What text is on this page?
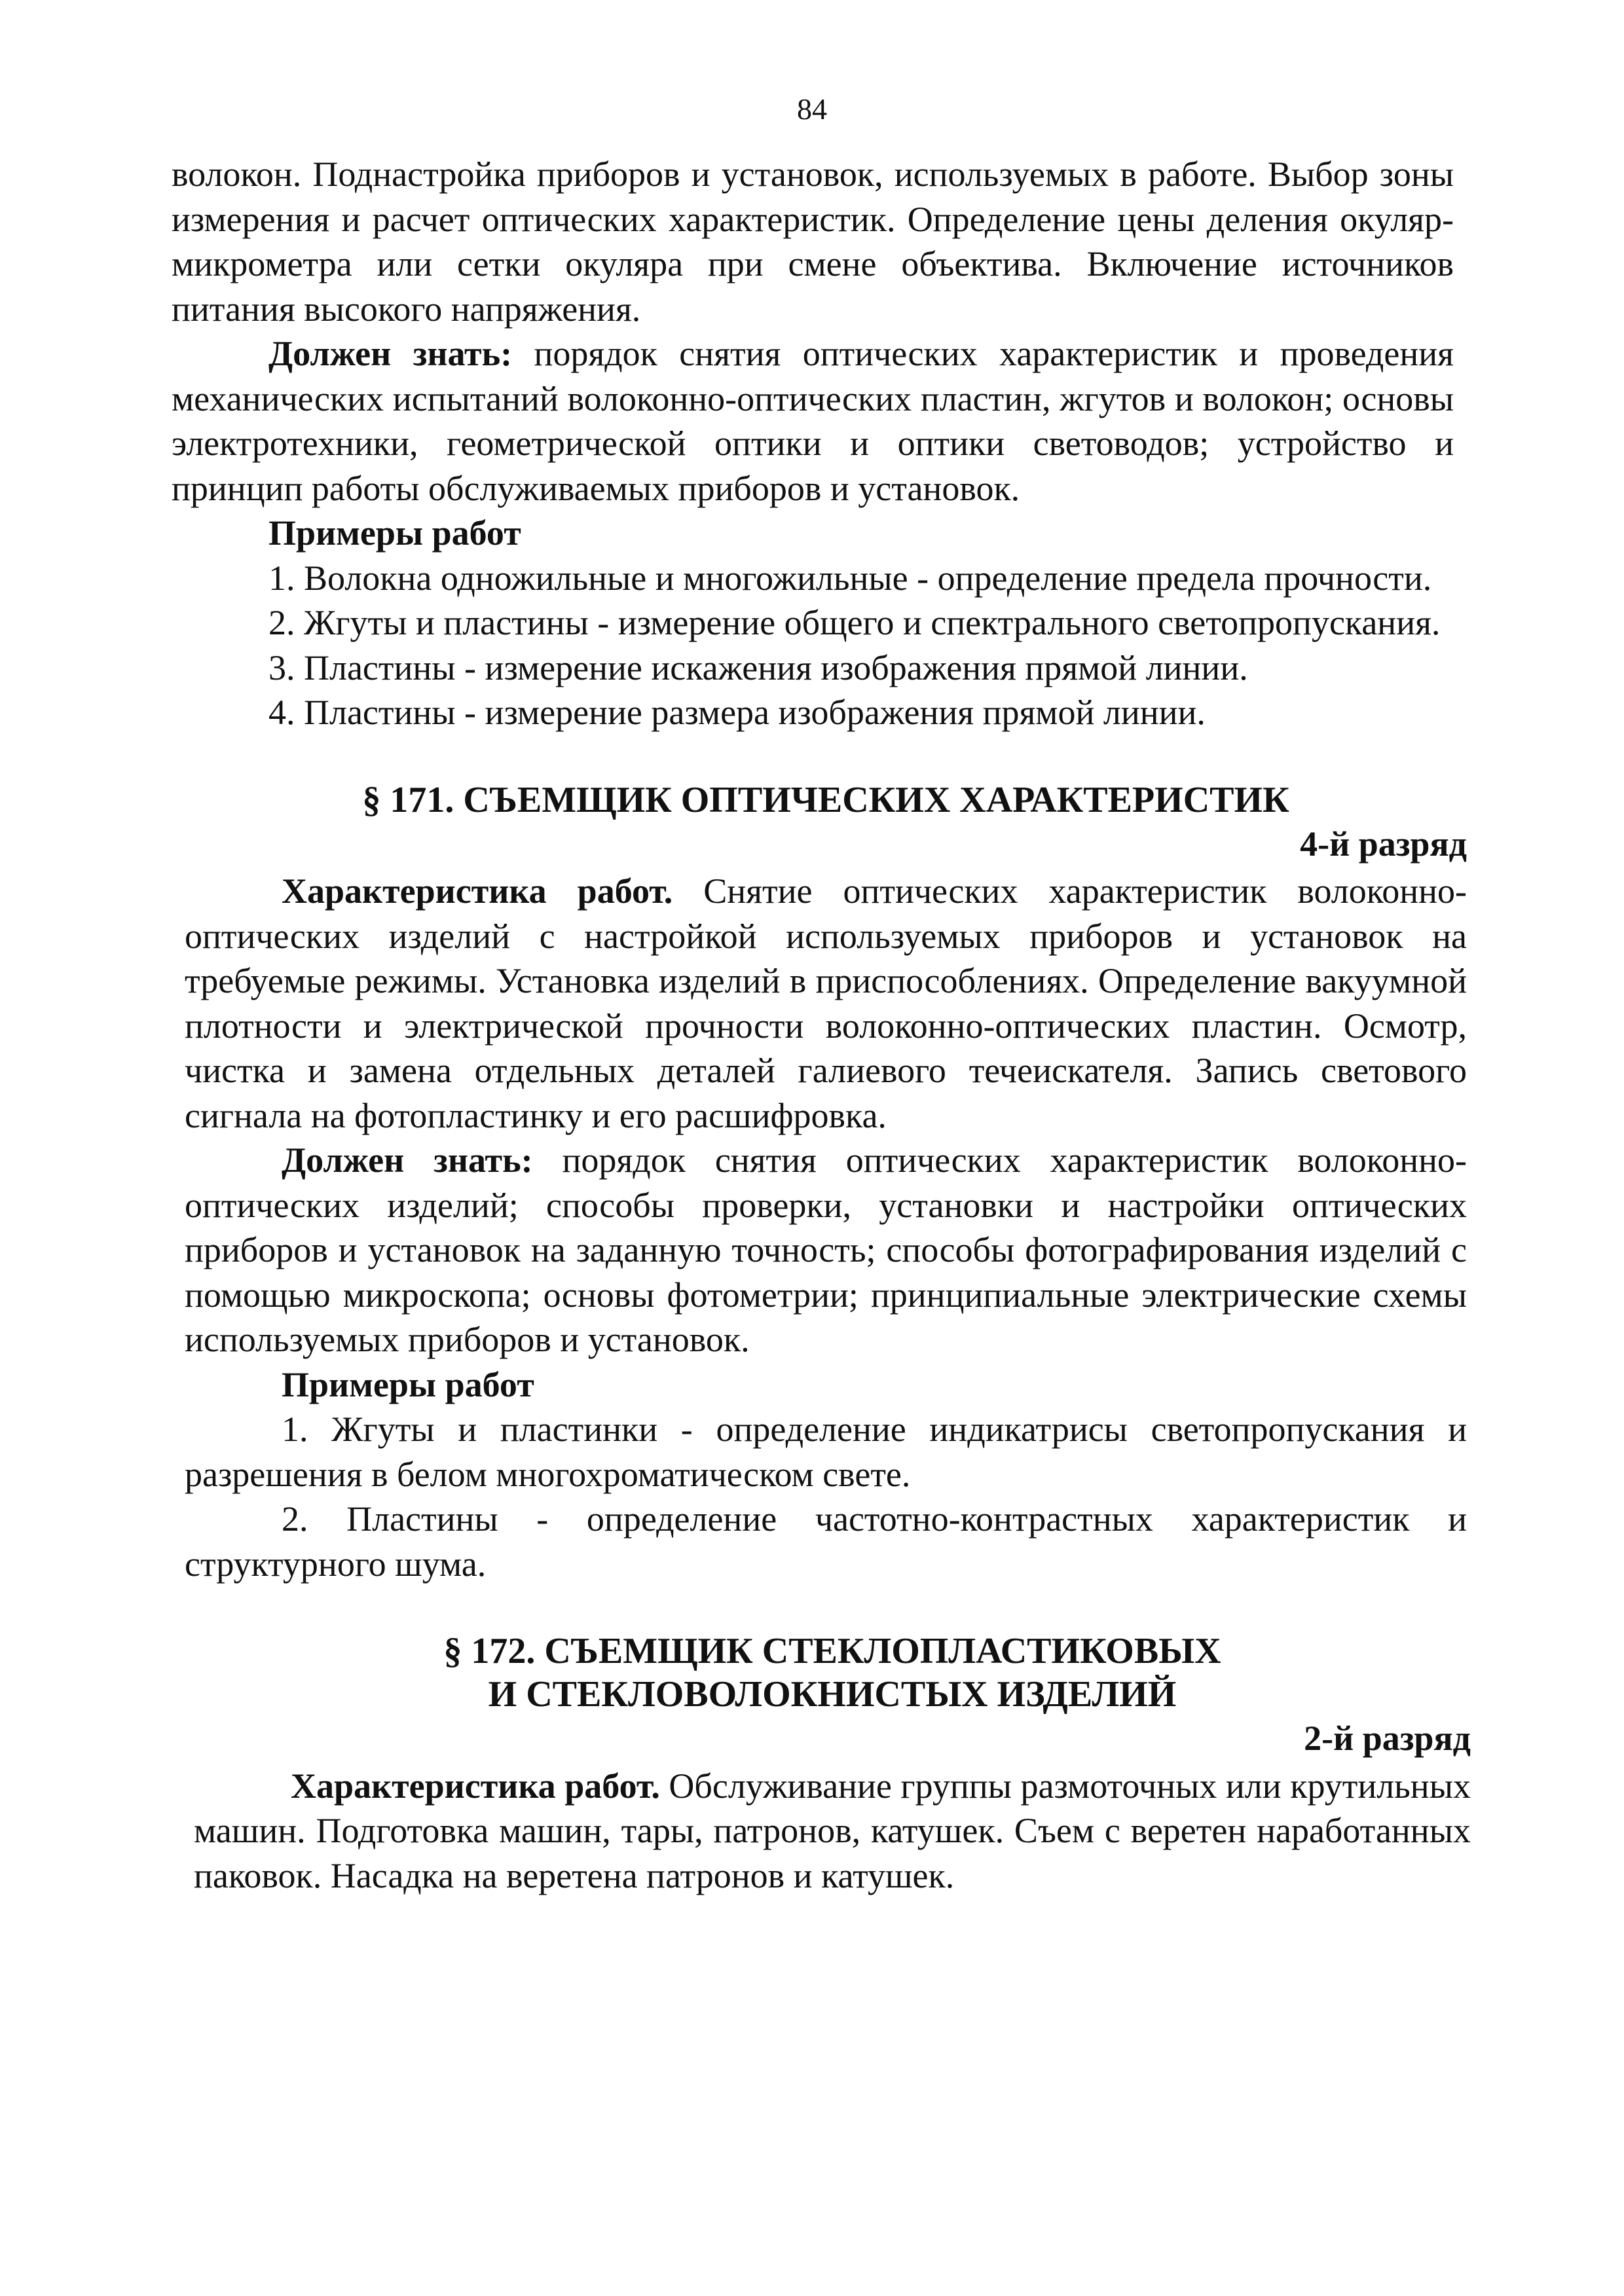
84

волокон. Поднастройка приборов и установок, используемых в работе. Выбор зоны измерения и расчет оптических характеристик. Определение цены деления окуляр-микрометра или сетки окуляра при смене объектива. Включение источников питания высокого напряжения.

Должен знать: порядок снятия оптических характеристик и проведения механических испытаний волоконно-оптических пластин, жгутов и волокон; основы электротехники, геометрической оптики и оптики световодов; устройство и принцип работы обслуживаемых приборов и установок.

Примеры работ

1. Волокна одножильные и многожильные - определение предела прочности.

2. Жгуты и пластины - измерение общего и спектрального светопропускания.

3. Пластины - измерение искажения изображения прямой линии.

4. Пластины - измерение размера изображения прямой линии.

§ 171. СЪЕМЩИК ОПТИЧЕСКИХ ХАРАКТЕРИСТИК

4-й разряд

Характеристика работ. Снятие оптических характеристик волоконно-оптических изделий с настройкой используемых приборов и установок на требуемые режимы. Установка изделий в приспособлениях. Определение вакуумной плотности и электрической прочности волоконно-оптических пластин. Осмотр, чистка и замена отдельных деталей галиевого течеискателя. Запись светового сигнала на фотопластинку и его расшифровка.

Должен знать: порядок снятия оптических характеристик волоконно-оптических изделий; способы проверки, установки и настройки оптических приборов и установок на заданную точность; способы фотографирования изделий с помощью микроскопа; основы фотометрии; принципиальные электрические схемы используемых приборов и установок.

Примеры работ

1. Жгуты и пластинки - определение индикатрисы светопропускания и разрешения в белом многохроматическом свете.

2. Пластины - определение частотно-контрастных характеристик и структурного шума.

§ 172. СЪЕМЩИК СТЕКЛОПЛАСТИКОВЫХ
И СТЕКЛОВОЛОКНИСТЫХ ИЗДЕЛИЙ

2-й разряд

Характеристика работ. Обслуживание группы размоточных или крутильных машин. Подготовка машин, тары, патронов, катушек. Съем с веретен наработанных паковок. Насадка на веретена патронов и катушек.
